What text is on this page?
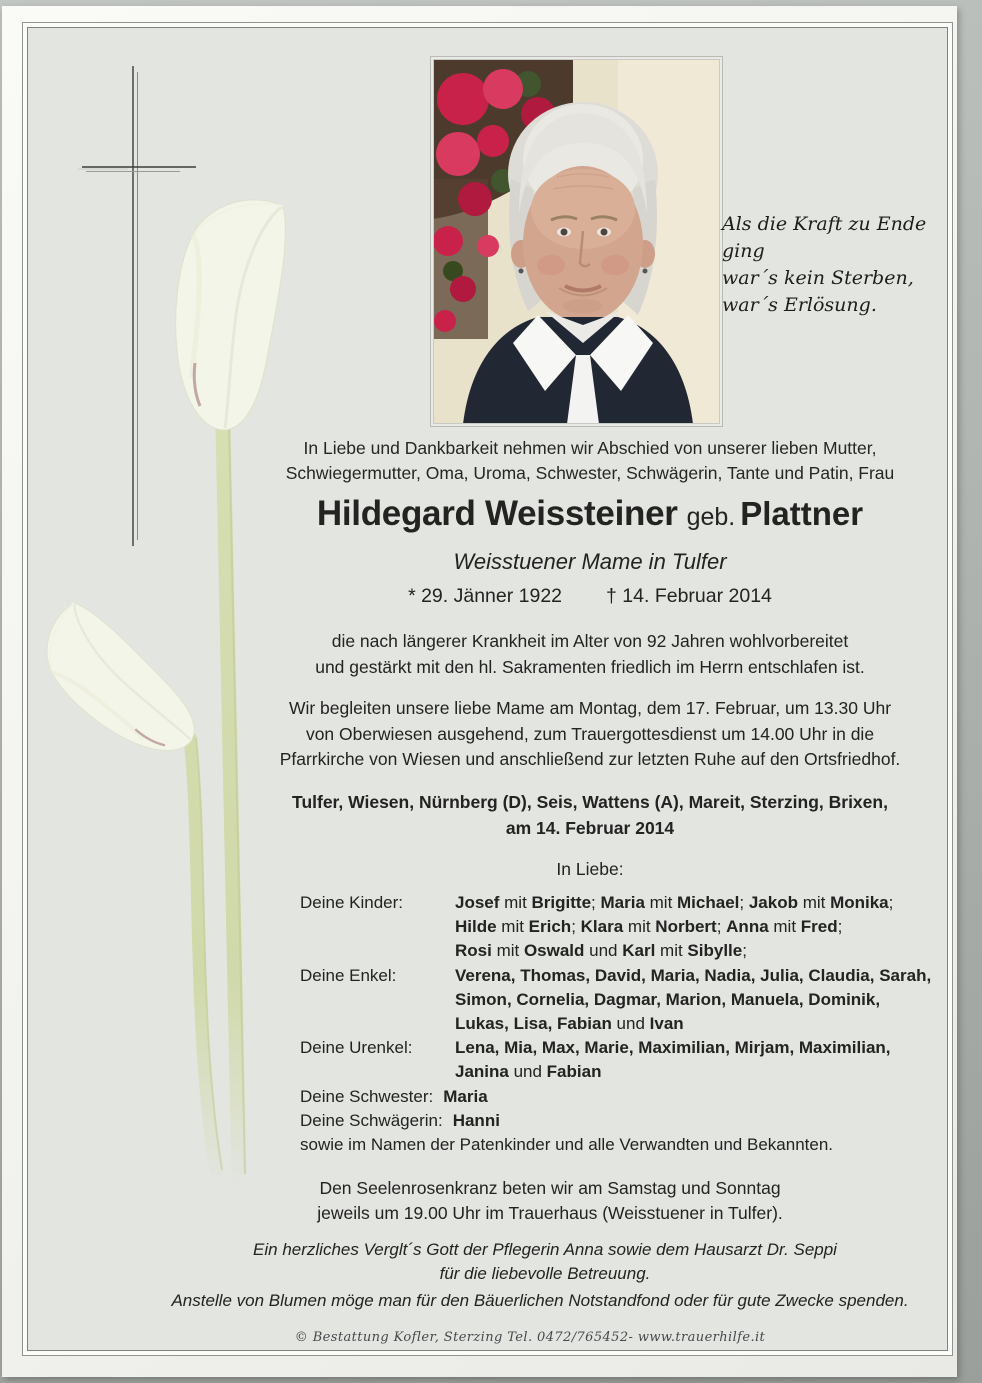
Als die Kraft zu Ende ging
war´s kein Sterben,
war´s Erlösung.
In Liebe und Dankbarkeit nehmen wir Abschied von unserer lieben Mutter,
Schwiegermutter, Oma, Uroma, Schwester, Schwägerin, Tante und Patin, Frau
Hildegard Weissteiner geb. Plattner
Weisstuener Mame in Tulfer
* 29. Jänner 1922 † 14. Februar 2014
die nach längerer Krankheit im Alter von 92 Jahren wohlvorbereitet
und gestärkt mit den hl. Sakramenten friedlich im Herrn entschlafen ist.
Wir begleiten unsere liebe Mame am Montag, dem 17. Februar, um 13.30 Uhr
von Oberwiesen ausgehend, zum Trauergottesdienst um 14.00 Uhr in die
Pfarrkirche von Wiesen und anschließend zur letzten Ruhe auf den Ortsfriedhof.
Tulfer, Wiesen, Nürnberg (D), Seis, Wattens (A), Mareit, Sterzing, Brixen,
am 14. Februar 2014
In Liebe:
Deine Kinder:	Josef mit Brigitte; Maria mit Michael; Jakob mit Monika;
Hilde mit Erich; Klara mit Norbert; Anna mit Fred;
Rosi mit Oswald und Karl mit Sibylle;
Deine Enkel:	Verena, Thomas, David, Maria, Nadia, Julia, Claudia, Sarah,
Simon, Cornelia, Dagmar, Marion, Manuela, Dominik,
Lukas, Lisa, Fabian und Ivan
Deine Urenkel:	Lena, Mia, Max, Marie, Maximilian, Mirjam, Maximilian,
Janina und Fabian
Deine Schwester: Maria
Deine Schwägerin: Hanni
sowie im Namen der Patenkinder und alle Verwandten und Bekannten.
Den Seelenrosenkranz beten wir am Samstag und Sonntag
jeweils um 19.00 Uhr im Trauerhaus (Weisstuener in Tulfer).
Ein herzliches Verglt´s Gott der Pflegerin Anna sowie dem Hausarzt Dr. Seppi
für die liebevolle Betreuung.
Anstelle von Blumen möge man für den Bäuerlichen Notstandfond oder für gute Zwecke spenden.
© Bestattung Kofler, Sterzing Tel. 0472/765452- www.trauerhilfe.it
